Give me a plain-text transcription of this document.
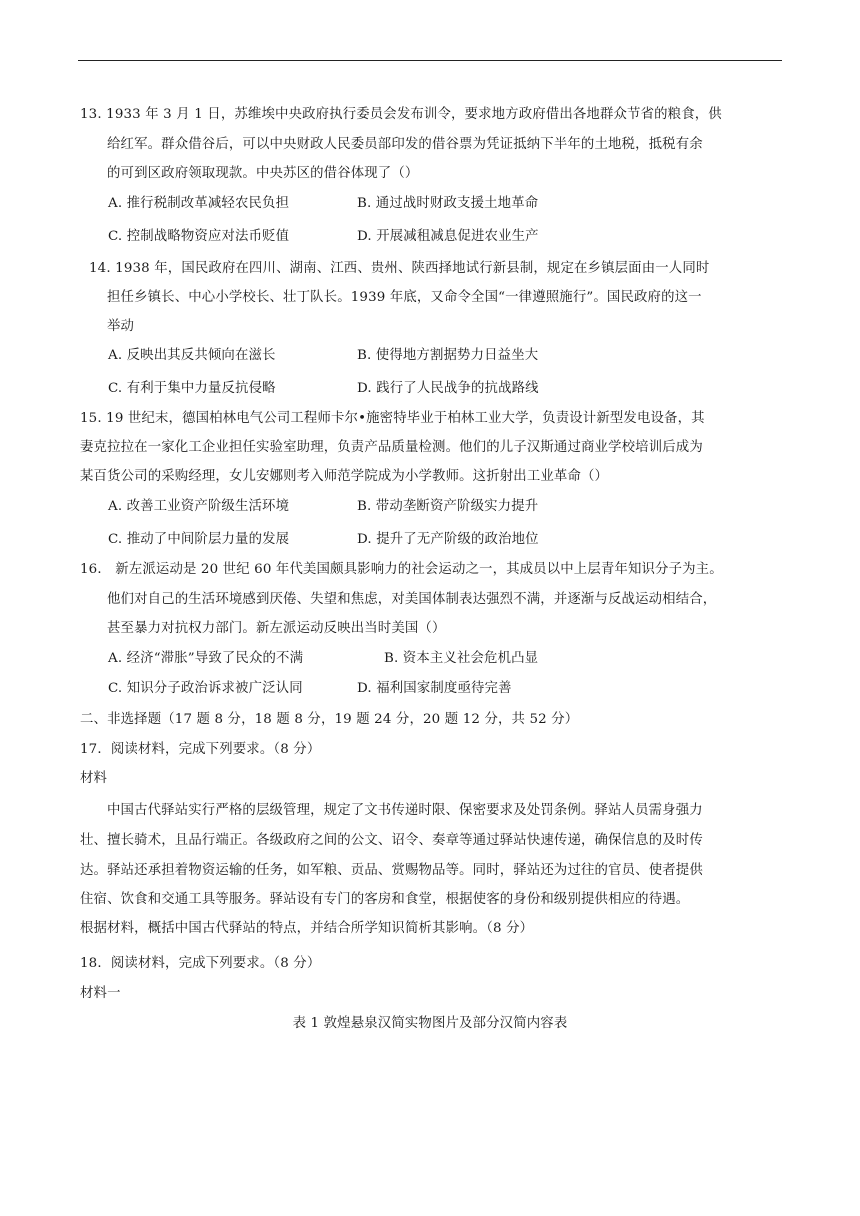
13. 1933 年 3 月 1 日，苏维埃中央政府执行委员会发布训令，要求地方政府借出各地群众节省的粮食，供
给红军。群众借谷后，可以中央财政人民委员部印发的借谷票为凭证抵纳下半年的土地税，抵税有余
的可到区政府领取现款。中央苏区的借谷体现了（）
A. 推行税制改革减轻农民负担	B. 通过战时财政支援土地革命
C. 控制战略物资应对法币贬值	D. 开展减租减息促进农业生产
14. 1938 年，国民政府在四川、湖南、江西、贵州、陕西择地试行新县制，规定在乡镇层面由一人同时
担任乡镇长、中心小学校长、壮丁队长。1939 年底，又命令全国“一律遵照施行”。国民政府的这一
举动
A. 反映出其反共倾向在滋长	B. 使得地方割据势力日益坐大
C. 有利于集中力量反抗侵略	D. 践行了人民战争的抗战路线
15. 19 世纪末，德国柏林电气公司工程师卡尔•施密特毕业于柏林工业大学，负责设计新型发电设备，其
妻克拉拉在一家化工企业担任实验室助理，负责产品质量检测。他们的儿子汉斯通过商业学校培训后成为
某百货公司的采购经理，女儿安娜则考入师范学院成为小学教师。这折射出工业革命（）
A. 改善工业资产阶级生活环境	B. 带动垄断资产阶级实力提升
C. 推动了中间阶层力量的发展	D. 提升了无产阶级的政治地位
16． 新左派运动是 20 世纪 60 年代美国颇具影响力的社会运动之一，其成员以中上层青年知识分子为主。
他们对自己的生活环境感到厌倦、失望和焦虑，对美国体制表达强烈不满，并逐渐与反战运动相结合，
甚至暴力对抗权力部门。新左派运动反映出当时美国（）
A. 经济“滞胀”导致了民众的不满	B. 资本主义社会危机凸显
C. 知识分子政治诉求被广泛认同	D. 福利国家制度亟待完善
二、非选择题（17 题 8 分，18 题 8 分，19 题 24 分，20 题 12 分，共 52 分）
17．阅读材料，完成下列要求。（8 分）
材料
中国古代驿站实行严格的层级管理，规定了文书传递时限、保密要求及处罚条例。驿站人员需身强力
壮、擅长骑术，且品行端正。各级政府之间的公文、诏令、奏章等通过驿站快速传递，确保信息的及时传
达。驿站还承担着物资运输的任务，如军粮、贡品、赏赐物品等。同时，驿站还为过往的官员、使者提供
住宿、饮食和交通工具等服务。驿站设有专门的客房和食堂，根据使客的身份和级别提供相应的待遇。
根据材料，概括中国古代驿站的特点，并结合所学知识简析其影响。（8 分）
18．阅读材料，完成下列要求。（8 分）
材料一
表 1 敦煌悬泉汉简实物图片及部分汉简内容表
